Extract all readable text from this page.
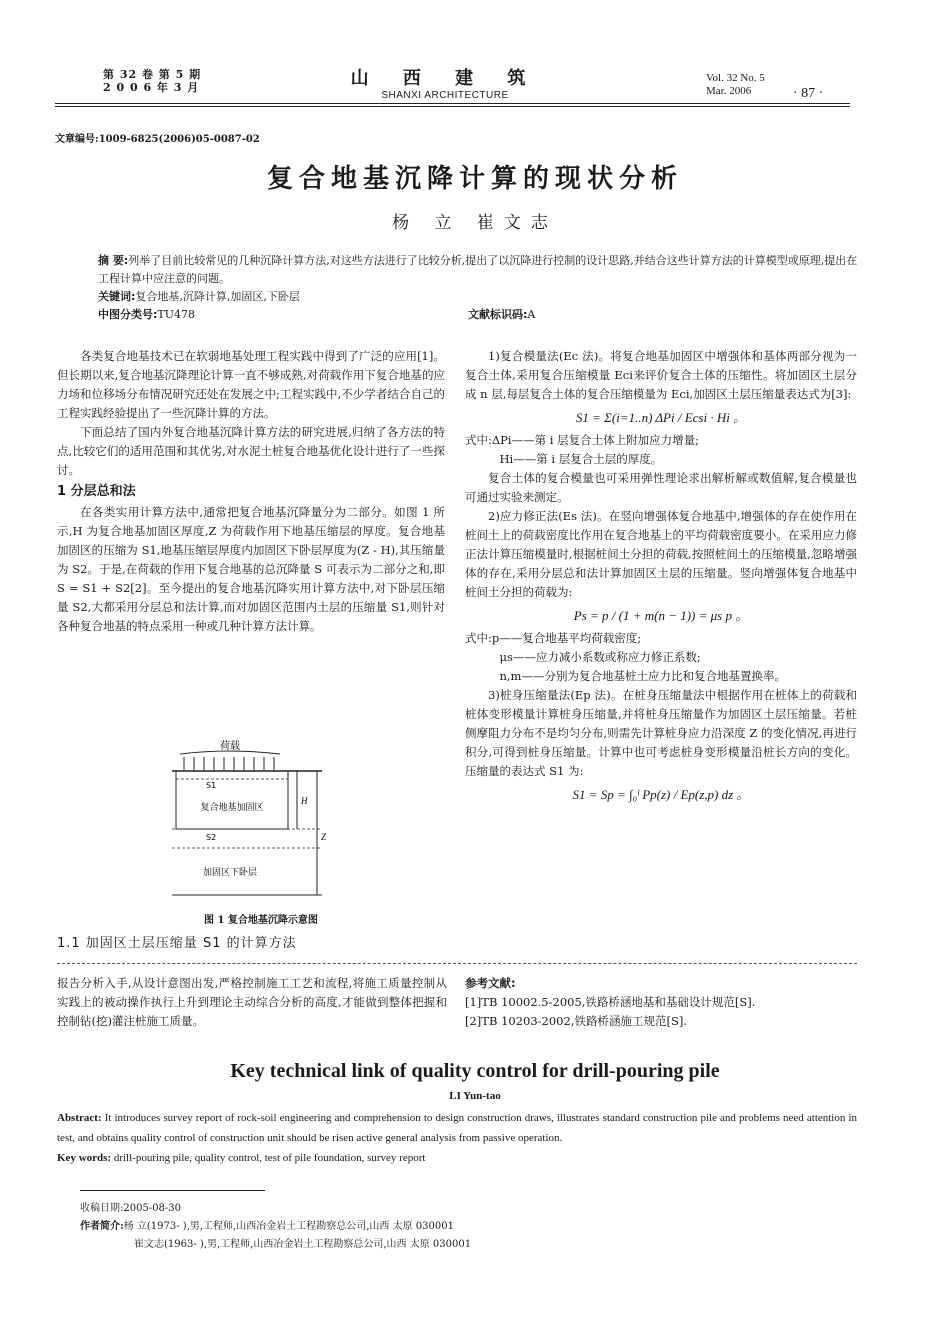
第 32 卷 第 5 期
2 0 0 6 年 3 月	山 西 建 筑
SHANXI ARCHITECTURE
Vol. 32 No. 5
Mar. 2006	· 87 ·
文章编号:1009-6825(2006)05-0087-02
复合地基沉降计算的现状分析
杨 立 崔文志
摘 要:列举了目前比较常见的几种沉降计算方法,对这些方法进行了比较分析,提出了以沉降进行控制的设计思路,并结合这些计算方法的计算模型或原理,提出在工程计算中应注意的问题。
关键词:复合地基,沉降计算,加固区,下卧层
中图分类号:TU478	文献标识码:A

各类复合地基技术已在软弱地基处理工程实践中得到了广泛的应用[1]。但长期以来,复合地基沉降理论计算一直不够成熟,对荷载作用下复合地基的应力场和位移场分布情况研究还处在发展之中;工程实践中,不少学者结合自己的工程实践经验提出了一些沉降计算的方法。

下面总结了国内外复合地基沉降计算方法的研究进展,归纳了各方法的特点,比较它们的适用范围和其优劣,对水泥土桩复合地基优化设计进行了一些探讨。

1 分层总和法

在各类实用计算方法中,通常把复合地基沉降量分为二部分。如图 1 所示,H 为复合地基加固区厚度,Z 为荷载作用下地基压缩层的厚度。复合地基加固区的压缩为 S1,地基压缩层厚度内加固区下卧层厚度为(Z - H),其压缩量为 S2。于是,在荷载的作用下复合地基的总沉降量 S 可表示为二部分之和,即 S = S1 + S2[2]。至今提出的复合地基沉降实用计算方法中,对下卧层压缩量 S2,大都采用分层总和法计算,而对加固区范围内土层的压缩量 S1,则针对各种复合地基的特点采用一种或几种计算方法计算。

荷载
S1
复合地基加固区
S2
加固区下卧层
H
Z
图 1 复合地基沉降示意图
1.1 加固区土层压缩量 S1 的计算方法

1)复合模量法(Ec 法)。将复合地基加固区中增强体和基体两部分视为一复合土体,采用复合压缩模量 Eci来评价复合土体的压缩性。将加固区土层分成 n 层,每层复合土体的复合压缩模量为 Eci,加固区土层压缩量表达式为[3]:

S1 = Σ(i=1..n) ΔPi / Ecsi · Hi 。
式中:ΔPi——第 i 层复合土体上附加应力增量;
Hi——第 i 层复合土层的厚度。

复合土体的复合模量也可采用弹性理论求出解析解或数值解,复合模量也可通过实验来测定。

2)应力修正法(Es 法)。在竖向增强体复合地基中,增强体的存在使作用在桩间土上的荷载密度比作用在复合地基上的平均荷载密度要小。在采用应力修正法计算压缩模量时,根据桩间土分担的荷载,按照桩间土的压缩模量,忽略增强体的存在,采用分层总和法计算加固区土层的压缩量。竖向增强体复合地基中桩间土分担的荷载为:

Ps = p / (1 + m(n − 1)) = μs p 。
式中:p——复合地基平均荷载密度;
μs——应力减小系数或称应力修正系数;
n,m——分别为复合地基桩土应力比和复合地基置换率。

3)桩身压缩量法(Ep 法)。在桩身压缩量法中根据作用在桩体上的荷载和桩体变形模量计算桩身压缩量,并将桩身压缩量作为加固区土层压缩量。若桩侧摩阻力分布不是均匀分布,则需先计算桩身应力沿深度 Z 的变化情况,再进行积分,可得到桩身压缩量。计算中也可考虑桩身变形模量沿桩长方向的变化。压缩量的表达式 S1 为:

S1 = Sp = ∫₀ˡ Pp(z) / Ep(z,p) dz 。
报告分析入手,从设计意图出发,严格控制施工工艺和流程,将施工质量控制从实践上的被动操作执行上升到理论主动综合分析的高度,才能做到整体把握和控制钻(挖)灌注桩施工质量。
参考文献:
[1]TB 10002.5-2005,铁路桥涵地基和基础设计规范[S].
[2]TB 10203-2002,铁路桥涵施工规范[S].
Key technical link of quality control for drill-pouring pile
LI Yun-tao
Abstract: It introduces survey report of rock-soil engineering and comprehension to design construction draws, illustrates standard construction pile and problems need attention in test, and obtains quality control of construction unit should be risen active general analysis from passive operation.
Key words: drill-pouring pile, quality control, test of pile foundation, survey report
收稿日期:2005-08-30
作者简介:杨 立(1973- ),男,工程师,山西冶金岩土工程勘察总公司,山西 太原 030001
崔文志(1963- ),男,工程师,山西冶金岩土工程勘察总公司,山西 太原 030001
